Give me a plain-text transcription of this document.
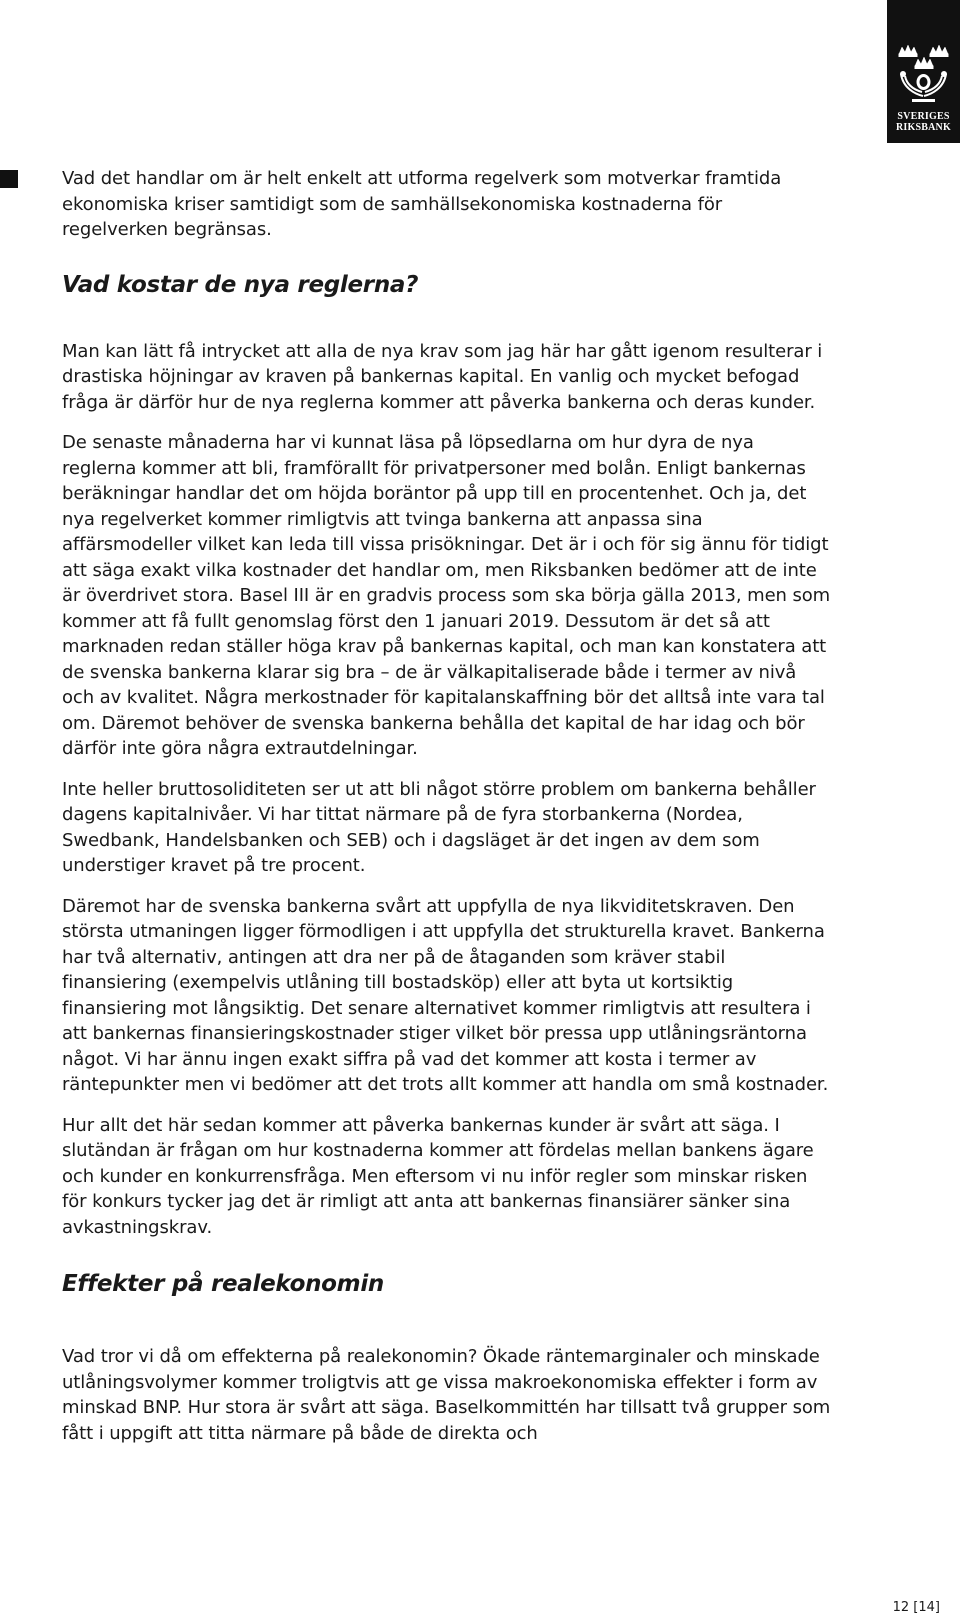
SVERIGES
RIKSBANK

Vad det handlar om är helt enkelt att utforma regelverk som motverkar framtida ekonomiska kriser samtidigt som de samhällsekonomiska kostnaderna för regelverken begränsas.

Vad kostar de nya reglerna?

Man kan lätt få intrycket att alla de nya krav som jag här har gått igenom resulterar i drastiska höjningar av kraven på bankernas kapital. En vanlig och mycket befogad fråga är därför hur de nya reglerna kommer att påverka bankerna och deras kunder.

De senaste månaderna har vi kunnat läsa på löpsedlarna om hur dyra de nya reglerna kommer att bli, framförallt för privatpersoner med bolån. Enligt bankernas beräkningar handlar det om höjda boräntor på upp till en procentenhet. Och ja, det nya regelverket kommer rimligtvis att tvinga bankerna att anpassa sina affärsmodeller vilket kan leda till vissa prisökningar. Det är i och för sig ännu för tidigt att säga exakt vilka kostnader det handlar om, men Riksbanken bedömer att de inte är överdrivet stora. Basel III är en gradvis process som ska börja gälla 2013, men som kommer att få fullt genomslag först den 1 januari 2019. Dessutom är det så att marknaden redan ställer höga krav på bankernas kapital, och man kan konstatera att de svenska bankerna klarar sig bra – de är välkapitaliserade både i termer av nivå och av kvalitet. Några merkostnader för kapitalanskaffning bör det alltså inte vara tal om. Däremot behöver de svenska bankerna behålla det kapital de har idag och bör därför inte göra några extrautdelningar.

Inte heller bruttosoliditeten ser ut att bli något större problem om bankerna behåller dagens kapitalnivåer. Vi har tittat närmare på de fyra storbankerna (Nordea, Swedbank, Handelsbanken och SEB) och i dagsläget är det ingen av dem som understiger kravet på tre procent.

Däremot har de svenska bankerna svårt att uppfylla de nya likviditetskraven. Den största utmaningen ligger förmodligen i att uppfylla det strukturella kravet. Bankerna har två alternativ, antingen att dra ner på de åtaganden som kräver stabil finansiering (exempelvis utlåning till bostadsköp) eller att byta ut kortsiktig finansiering mot långsiktig. Det senare alternativet kommer rimligtvis att resultera i att bankernas finansieringskostnader stiger vilket bör pressa upp utlåningsräntorna något. Vi har ännu ingen exakt siffra på vad det kommer att kosta i termer av räntepunkter men vi bedömer att det trots allt kommer att handla om små kostnader.

Hur allt det här sedan kommer att påverka bankernas kunder är svårt att säga. I slutändan är frågan om hur kostnaderna kommer att fördelas mellan bankens ägare och kunder en konkurrensfråga. Men eftersom vi nu inför regler som minskar risken för konkurs tycker jag det är rimligt att anta att bankernas finansiärer sänker sina avkastningskrav.

Effekter på realekonomin

Vad tror vi då om effekterna på realekonomin? Ökade räntemarginaler och minskade utlåningsvolymer kommer troligtvis att ge vissa makroekonomiska effekter i form av minskad BNP. Hur stora är svårt att säga. Baselkommittén har tillsatt två grupper som fått i uppgift att titta närmare på både de direkta och

12 [14]
